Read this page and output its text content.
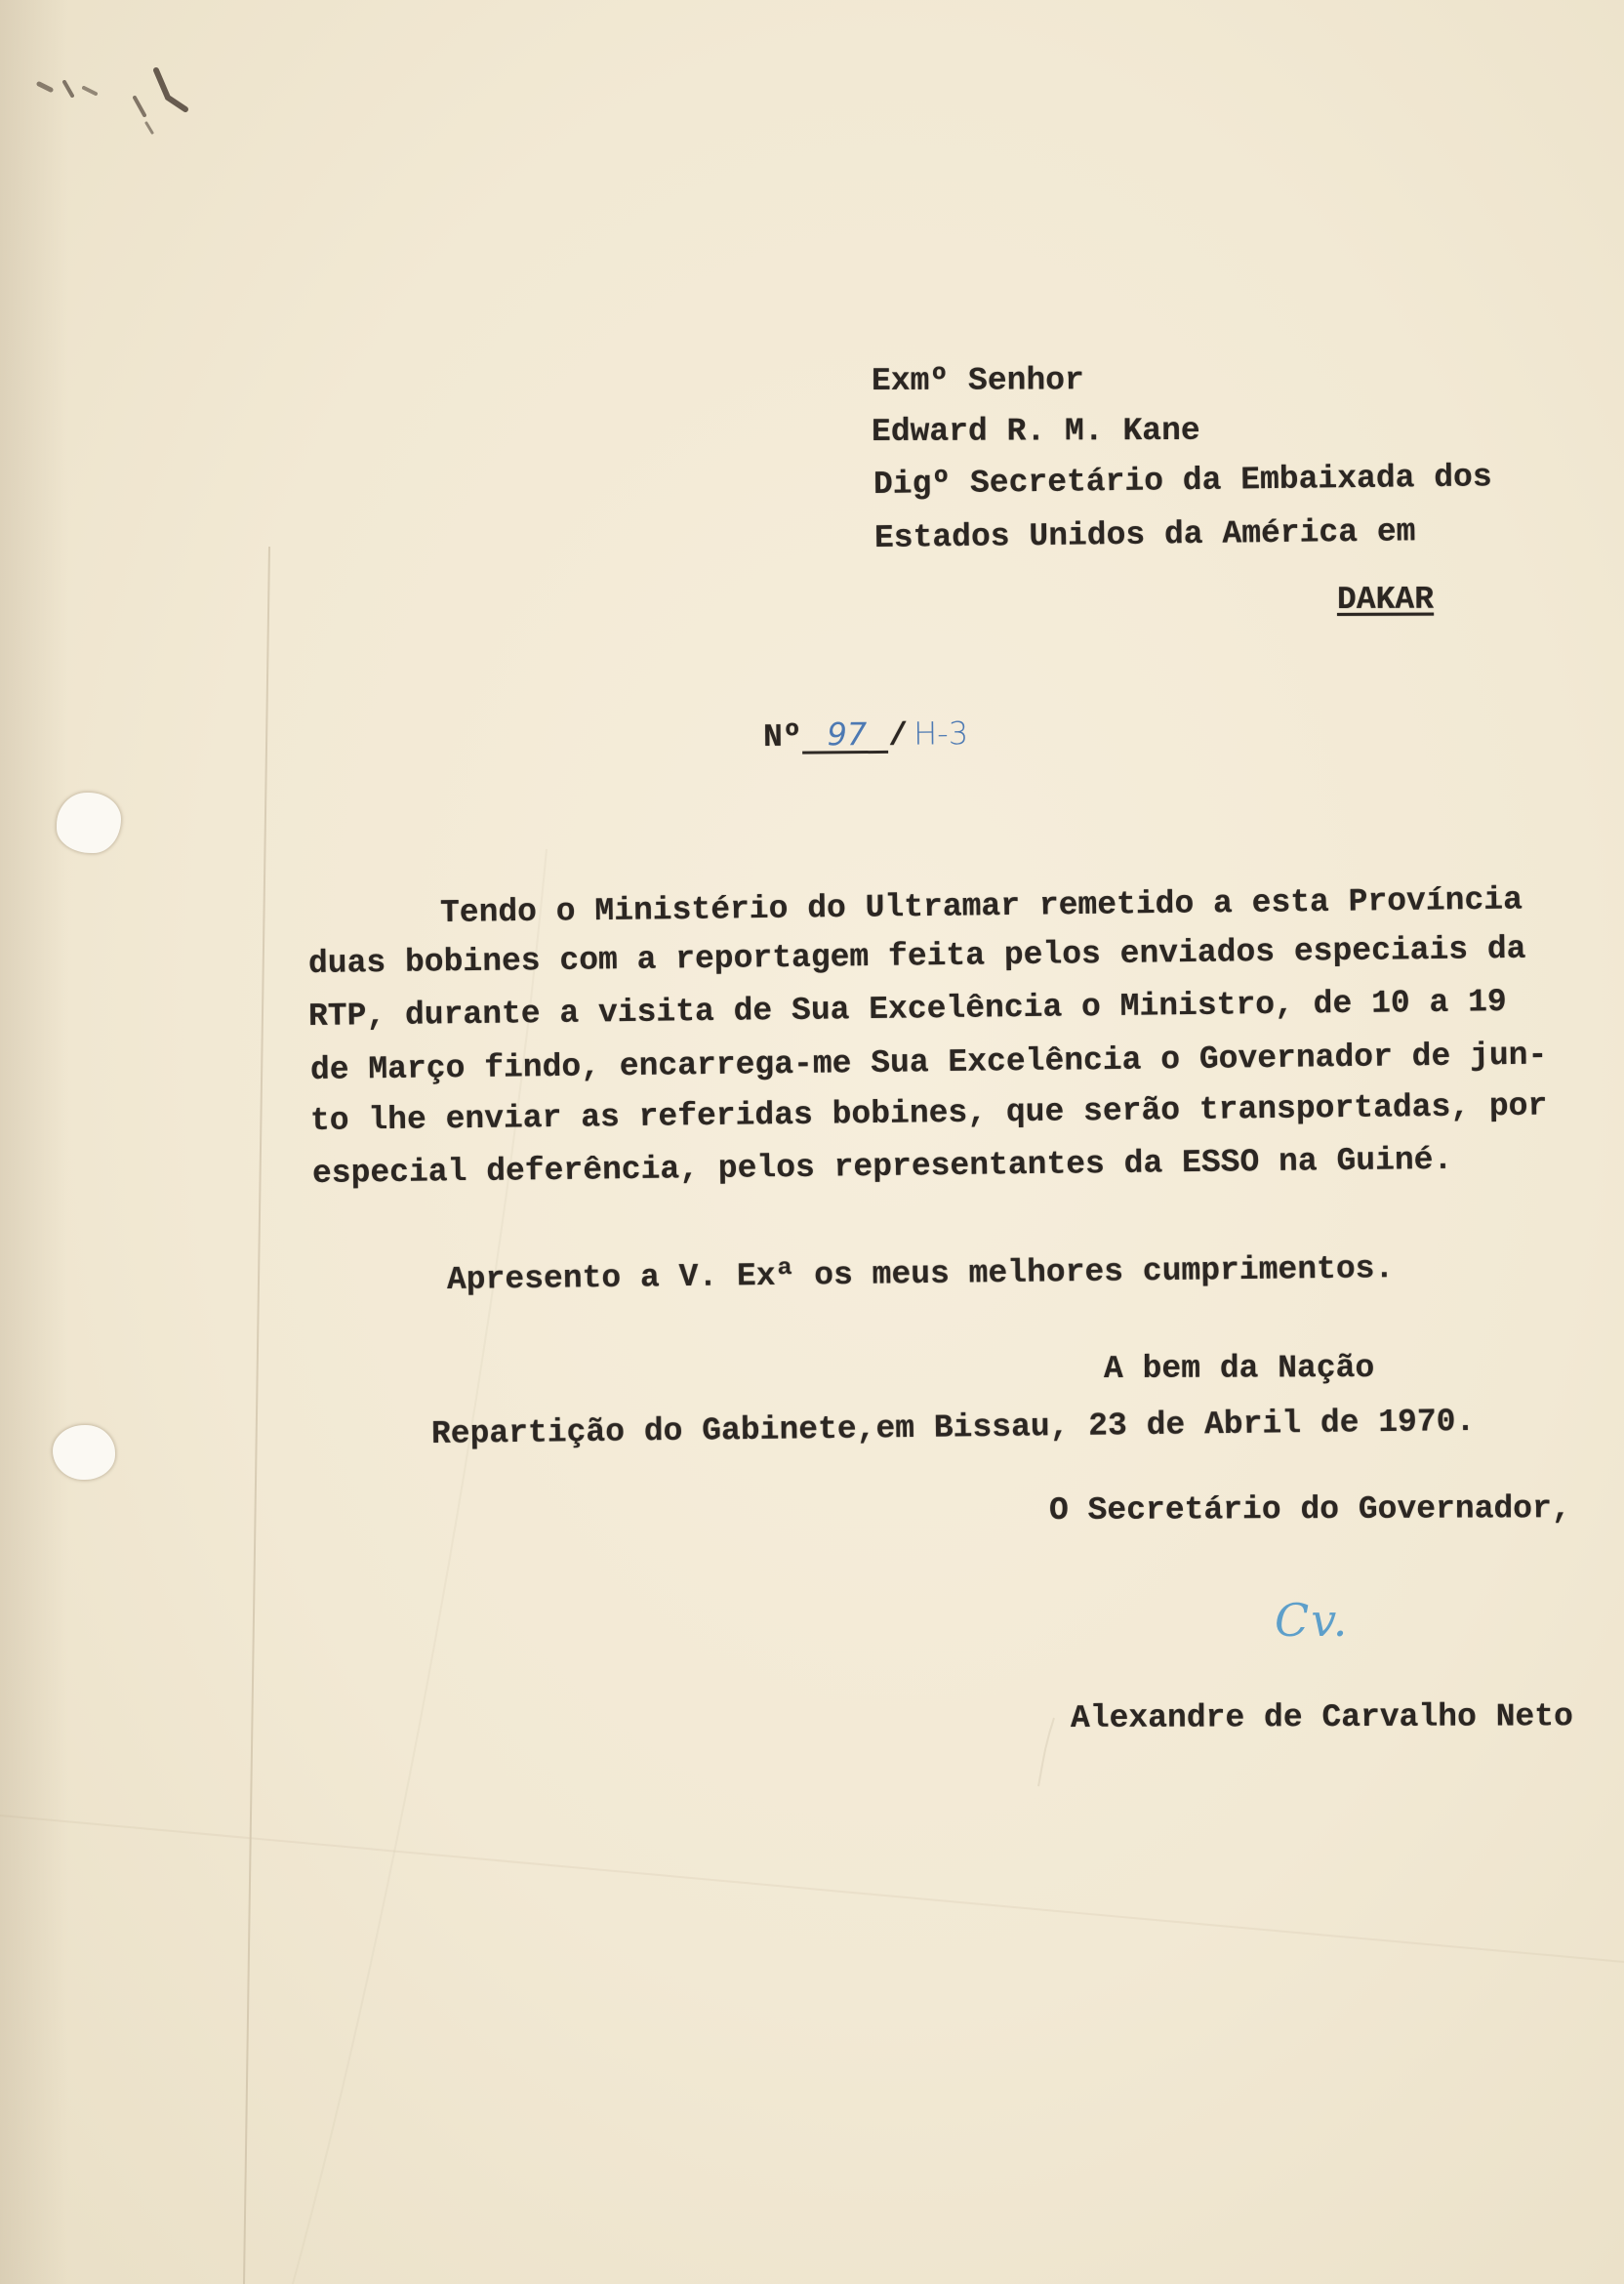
Exmº Senhor
Edward R. M. Kane
Digº Secretário da Embaixada dos
Estados Unidos da América em
DAKAR
Nº 97 / H-3
Tendo o Ministério do Ultramar remetido a esta Província
duas bobines com a reportagem feita pelos enviados especiais da
RTP, durante a visita de Sua Excelência o Ministro, de 10 a 19
de Março findo, encarrega-me Sua Excelência o Governador de jun-
to lhe enviar as referidas bobines, que serão transportadas, por
especial deferência, pelos representantes da ESSO na Guiné.
Apresento a V. Exª os meus melhores cumprimentos.
A bem da Nação
Repartição do Gabinete,em Bissau, 23 de Abril de 1970.
O Secretário do Governador,
Cv.
Alexandre de Carvalho Neto
